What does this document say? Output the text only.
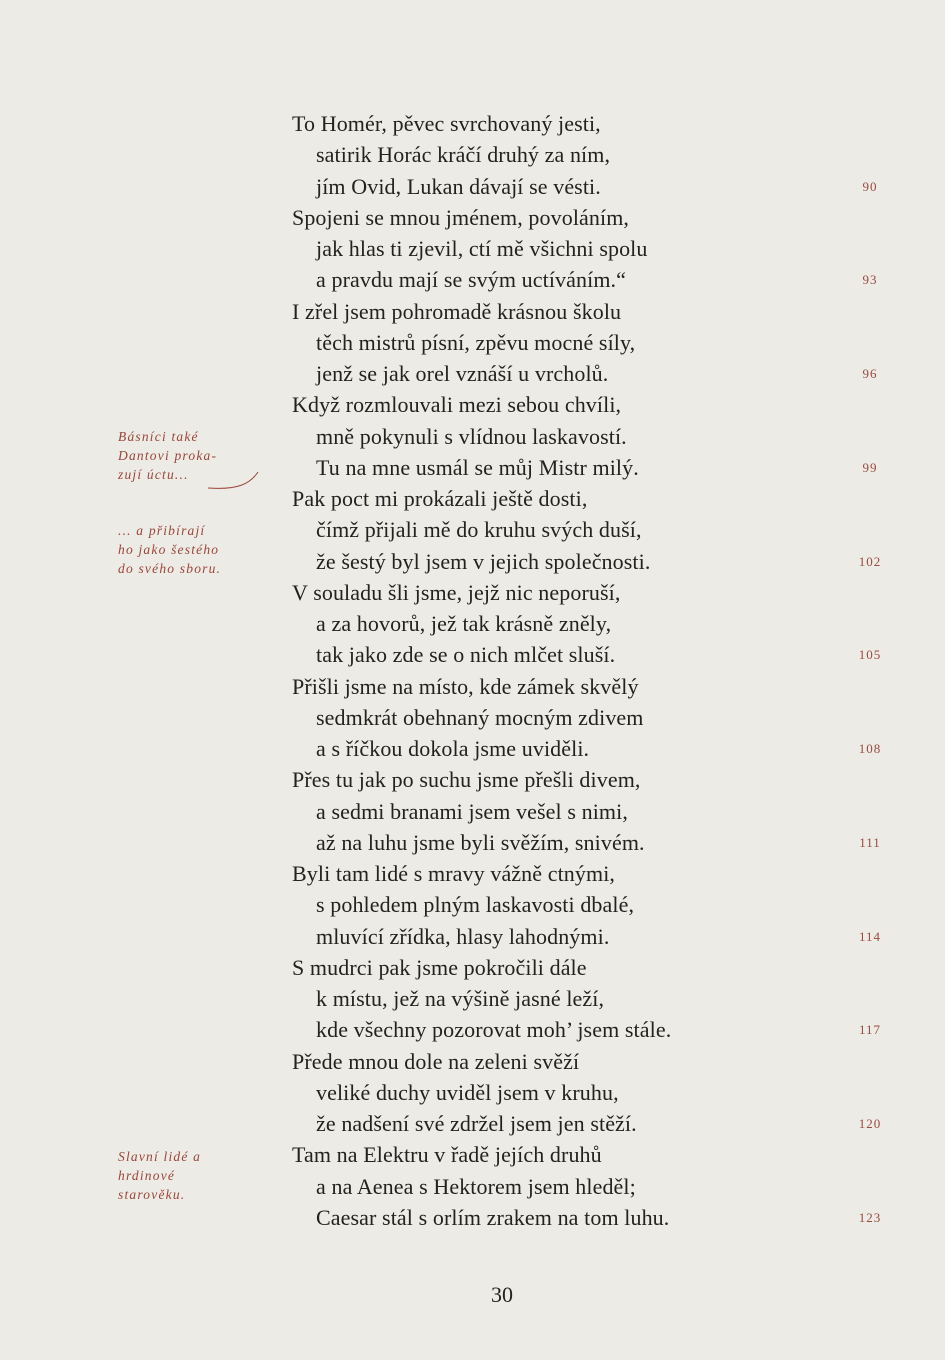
To Homér, pěvec svrchovaný jesti,
satirik Horác kráčí druhý za ním,
jím Ovid, Lukan dávají se vésti.	90
Spojeni se mnou jménem, povoláním,
jak hlas ti zjevil, ctí mě všichni spolu
a pravdu mají se svým uctíváním.“	93
I zřel jsem pohromadě krásnou školu
těch mistrů písní, zpěvu mocné síly,
jenž se jak orel vznáší u vrcholů.	96
Když rozmlouvali mezi sebou chvíli,
mně pokynuli s vlídnou laskavostí.
Tu na mne usmál se můj Mistr milý.	99
Pak poct mi prokázali ještě dosti,
čímž přijali mě do kruhu svých duší,
že šestý byl jsem v jejich společnosti.	102
V souladu šli jsme, jejž nic neporuší,
a za hovorů, jež tak krásně zněly,
tak jako zde se o nich mlčet sluší.	105
Přišli jsme na místo, kde zámek skvělý
sedmkrát obehnaný mocným zdivem
a s říčkou dokola jsme uviděli.	108
Přes tu jak po suchu jsme přešli divem,
a sedmi branami jsem vešel s nimi,
až na luhu jsme byli svěžím, snivém.	111
Byli tam lidé s mravy vážně ctnými,
s pohledem plným laskavosti dbalé,
mluvící zřídka, hlasy lahodnými.	114
S mudrci pak jsme pokročili dále
k místu, jež na výšině jasné leží,
kde všechny pozorovat moh’ jsem stále.	117
Přede mnou dole na zeleni svěží
veliké duchy uviděl jsem v kruhu,
že nadšení své zdržel jsem jen stěží.	120
Tam na Elektru v řadě jejích druhů
a na Aenea s Hektorem jsem hleděl;
Caesar stál s orlím zrakem na tom luhu.	123
Básníci také
Dantovi proka-
zují úctu...
... a přibírají
ho jako šestého
do svého sboru.
Slavní lidé a
hrdinové
starověku.
30
